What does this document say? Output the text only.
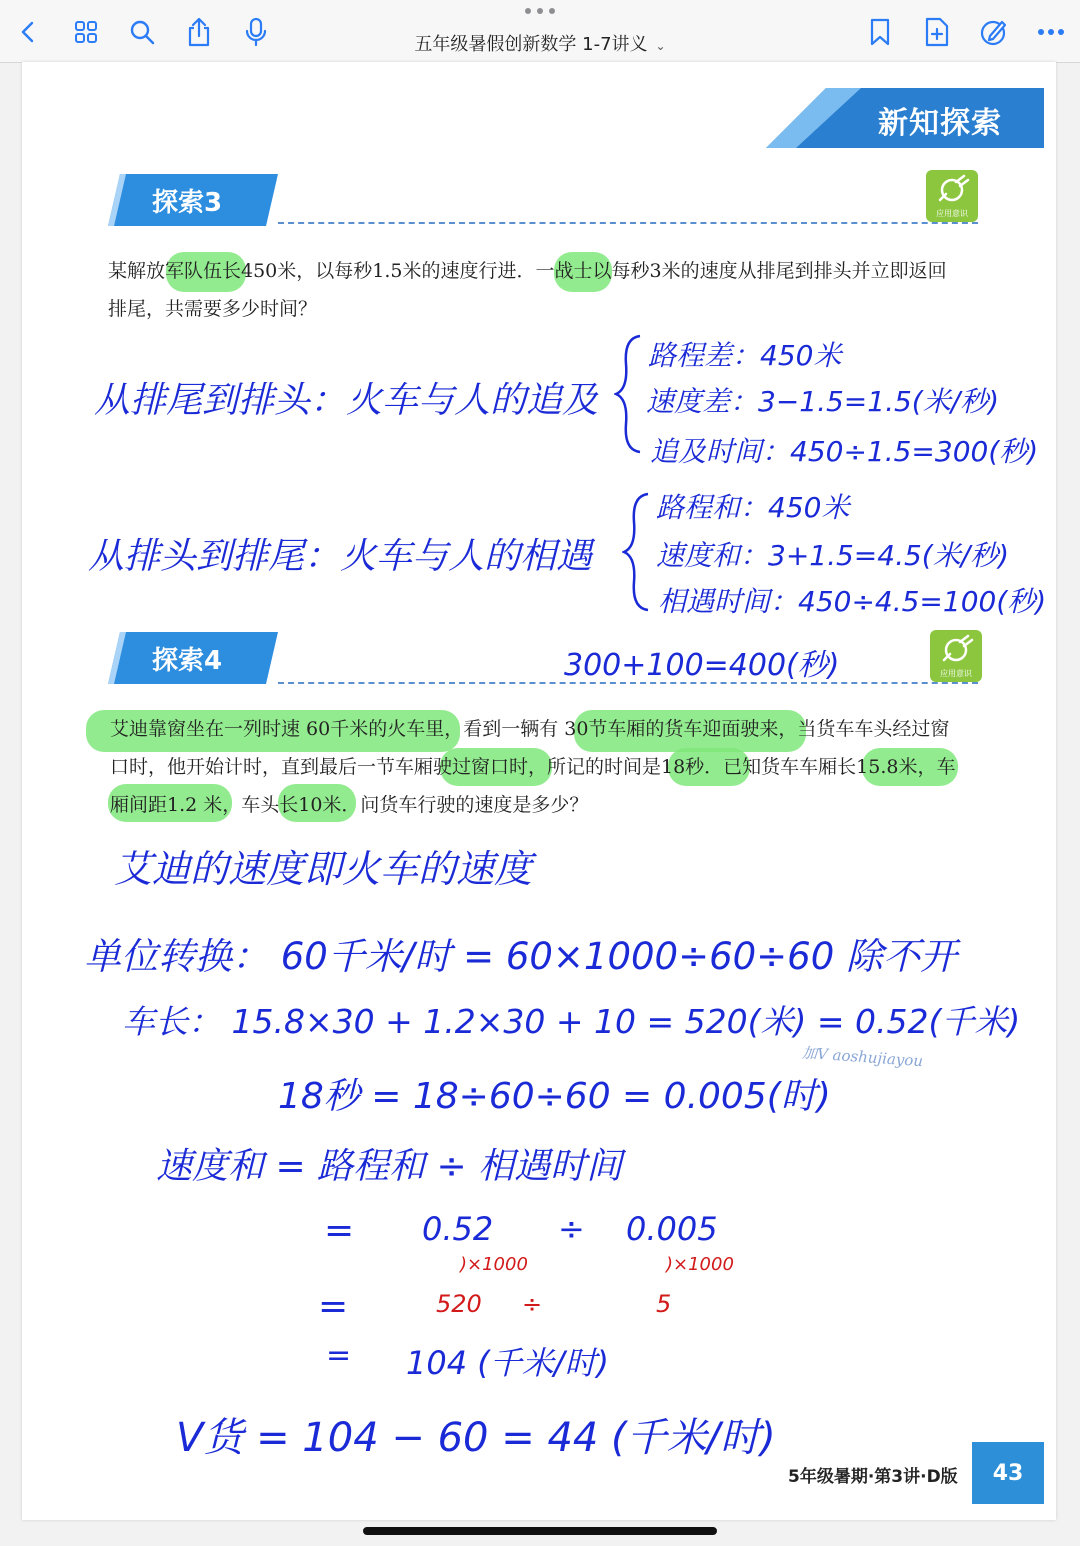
五年级暑假创新数学 1-7讲义 ⌄
新知探索
探索3	应用意识
某解放军队伍长450米，以每秒1.5米的速度行进．一战士以每秒3米的速度从排尾到排头并立即返回
排尾，共需要多少时间？
从排尾到排头：火车与人的追及
路程差：450米
速度差：3−1.5=1.5(米/秒)
追及时间：450÷1.5=300(秒)
从排头到排尾：火车与人的相遇
路程和：450米
速度和：3+1.5=4.5(米/秒)
相遇时间：450÷4.5=100(秒)
探索4	应用意识
300+100=400(秒)
艾迪靠窗坐在一列时速 60千米的火车里，看到一辆有 30节车厢的货车迎面驶来，当货车车头经过窗
口时，他开始计时，直到最后一节车厢驶过窗口时，所记的时间是18秒．已知货车车厢长15.8米，车
厢间距1.2 米，车头长10米．问货车行驶的速度是多少？
艾迪的速度即火车的速度
单位转换： 60千米/时 = 60×1000÷60÷60 除不开
车长： 15.8×30 + 1.2×30 + 10 = 520(米) = 0.52(千米)
18秒 = 18÷60÷60 = 0.005(时)
加V aoshujiayou
速度和 = 路程和 ÷ 相遇时间
= 0.52 ÷ 0.005
)×1000	)×1000
=	520 ÷	5
= 104 (千米/时)
V货 = 104 − 60 = 44 (千米/时)
5年级暑期·第3讲·D版	43
